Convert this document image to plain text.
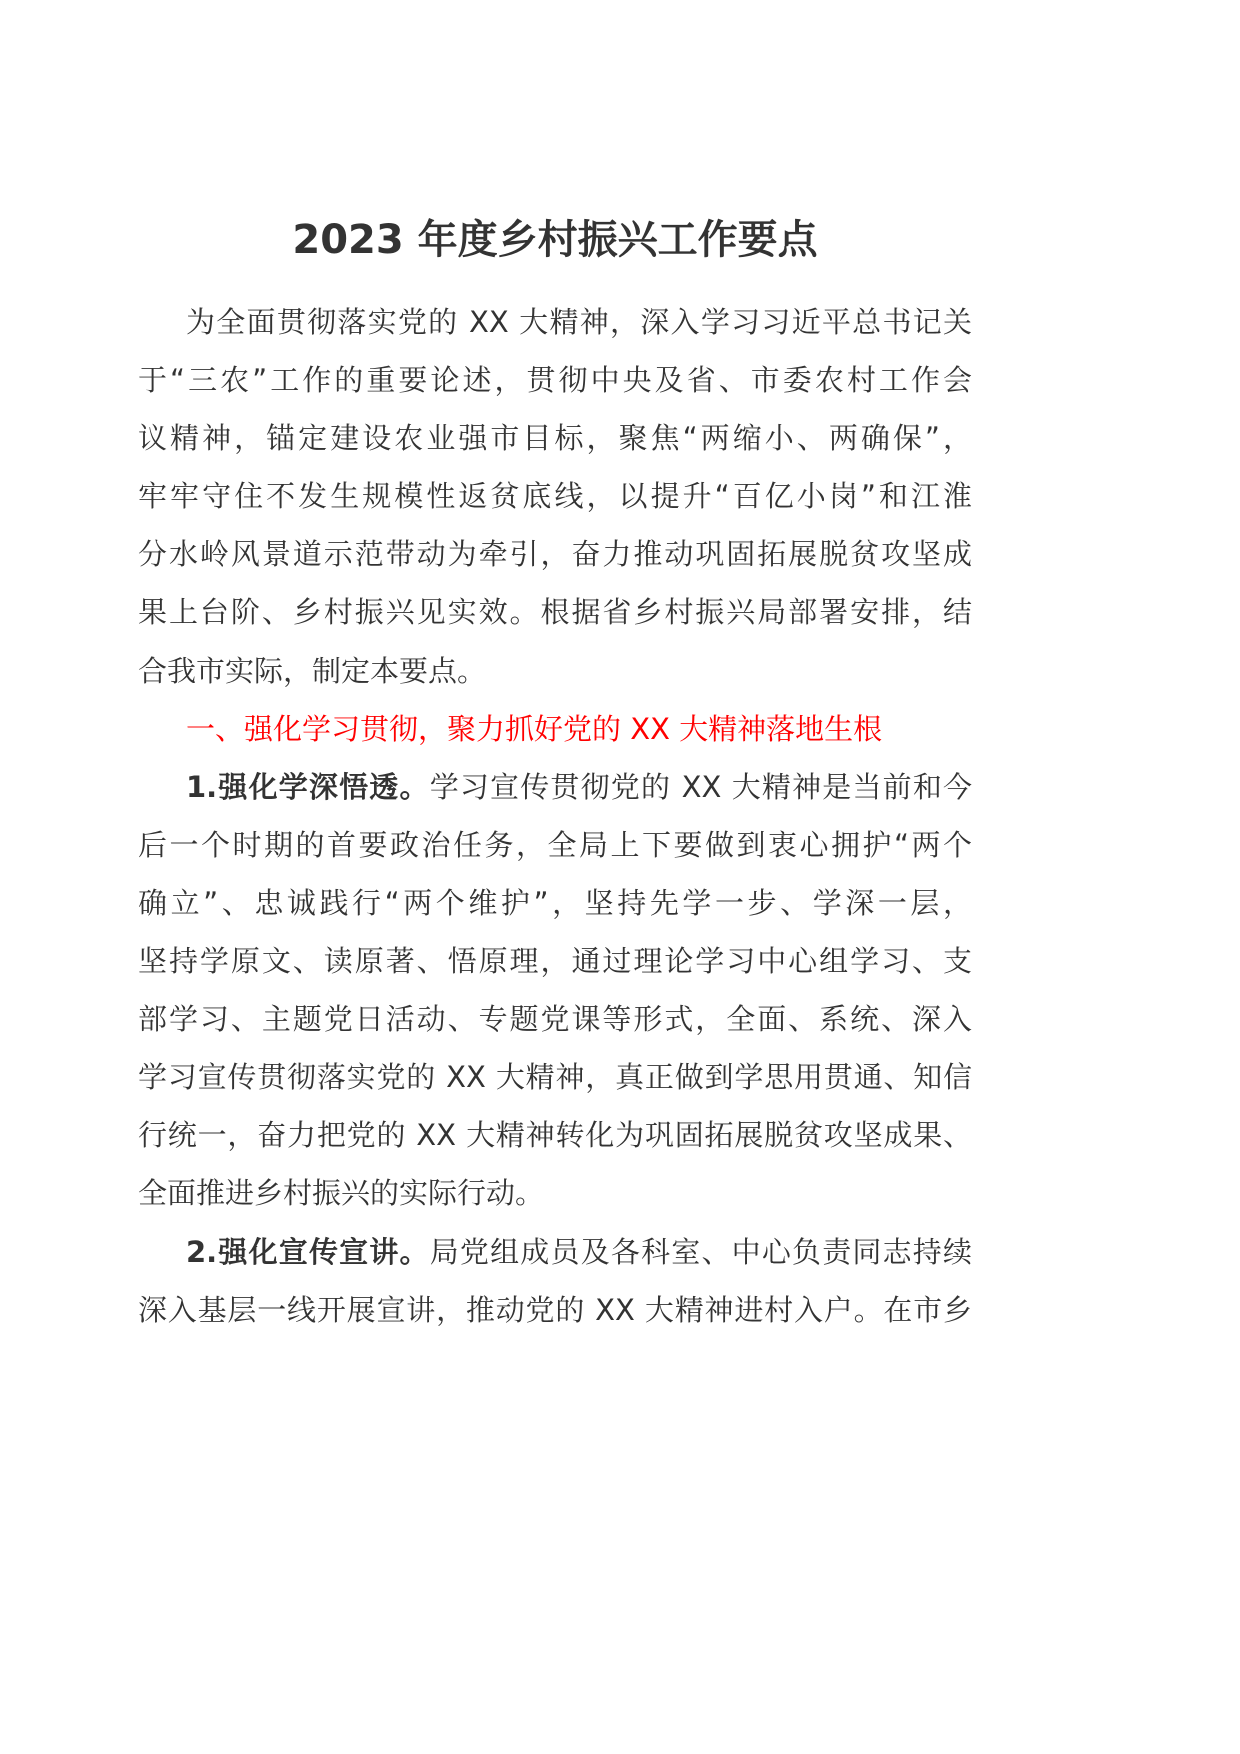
2023 年度乡村振兴工作要点
为全面贯彻落实党的 XX 大精神，深入学习习近平总书记关
于“三农”工作的重要论述，贯彻中央及省、市委农村工作会
议精神，锚定建设农业强市目标，聚焦“两缩小、两确保”，
牢牢守住不发生规模性返贫底线，以提升“百亿小岗”和江淮
分水岭风景道示范带动为牵引，奋力推动巩固拓展脱贫攻坚成
果上台阶、乡村振兴见实效。根据省乡村振兴局部署安排，结
合我市实际，制定本要点。
一、强化学习贯彻，聚力抓好党的 XX 大精神落地生根
1.强化学深悟透。学习宣传贯彻党的 XX 大精神是当前和今
后一个时期的首要政治任务，全局上下要做到衷心拥护“两个
确立”、忠诚践行“两个维护”，坚持先学一步、学深一层，
坚持学原文、读原著、悟原理，通过理论学习中心组学习、支
部学习、主题党日活动、专题党课等形式，全面、系统、深入
学习宣传贯彻落实党的 XX 大精神，真正做到学思用贯通、知信
行统一，奋力把党的 XX 大精神转化为巩固拓展脱贫攻坚成果、
全面推进乡村振兴的实际行动。
2.强化宣传宣讲。局党组成员及各科室、中心负责同志持续
深入基层一线开展宣讲，推动党的 XX 大精神进村入户。在市乡
